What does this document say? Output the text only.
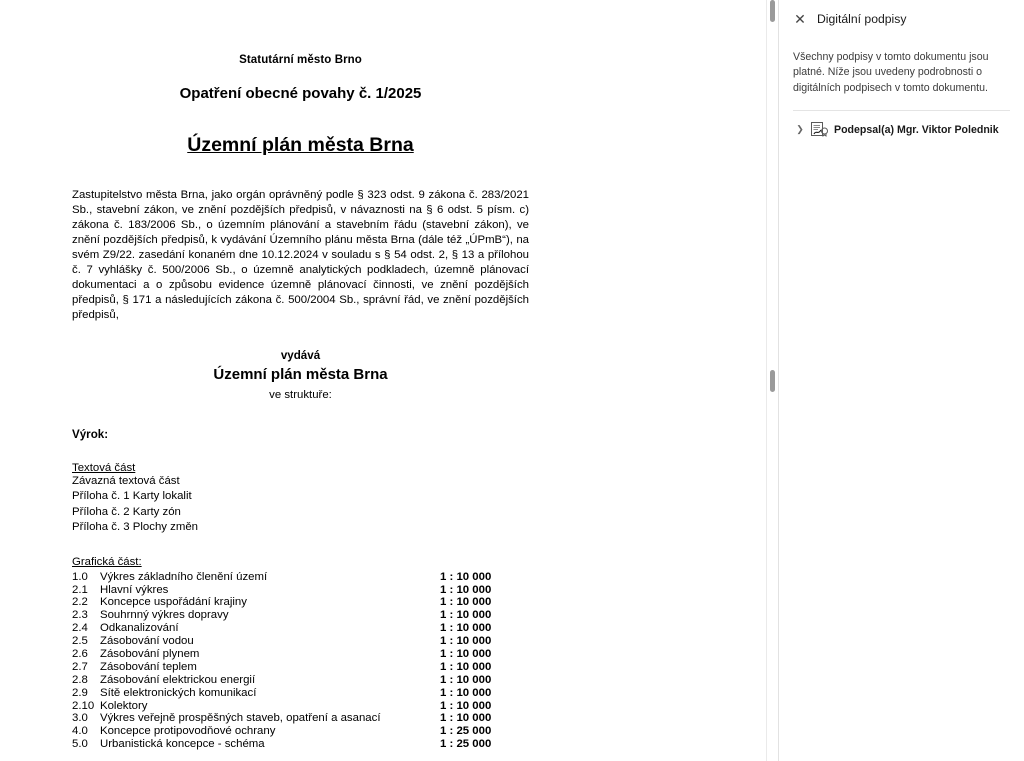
Statutární město Brno
Opatření obecné povahy č. 1/2025
Územní plán města Brna
Zastupitelstvo města Brna, jako orgán oprávněný podle § 323 odst. 9 zákona č. 283/2021 Sb., stavební zákon, ve znění pozdějších předpisů, v návaznosti na § 6 odst. 5 písm. c) zákona č. 183/2006 Sb., o územním plánování a stavebním řádu (stavební zákon), ve znění pozdějších předpisů, k vydávání Územního plánu města Brna (dále též „ÚPmB“), na svém Z9/22. zasedání konaném dne 10.12.2024 v souladu s § 54 odst. 2, § 13 a přílohou č. 7 vyhlášky č. 500/2006 Sb., o územně analytických podkladech, územně plánovací dokumentaci a o způsobu evidence územně plánovací činnosti, ve znění pozdějších předpisů, § 171 a následujících zákona č. 500/2004 Sb., správní řád, ve znění pozdějších předpisů,
vydává
Územní plán města Brna
ve struktuře:
Výrok:
Textová část
Závazná textová část
Příloha č. 1 Karty lokalit
Příloha č. 2 Karty zón
Příloha č. 3 Plochy změn
Grafická část:
1.0	Výkres základního členění území	1 : 10 000
2.1	Hlavní výkres	1 : 10 000
2.2	Koncepce uspořádání krajiny	1 : 10 000
2.3	Souhrnný výkres dopravy	1 : 10 000
2.4	Odkanalizování	1 : 10 000
2.5	Zásobování vodou	1 : 10 000
2.6	Zásobování plynem	1 : 10 000
2.7	Zásobování teplem	1 : 10 000
2.8	Zásobování elektrickou energií	1 : 10 000
2.9	Sítě elektronických komunikací	1 : 10 000
2.10	Kolektory	1 : 10 000
3.0	Výkres veřejně prospěšných staveb, opatření a asanací	1 : 10 000
4.0	Koncepce protipovodňové ochrany	1 : 25 000
5.0	Urbanistická koncepce - schéma	1 : 25 000
✕ Digitální podpisy
Všechny podpisy v tomto dokumentu jsou platné. Níže jsou uvedeny podrobnosti o digitálních podpisech v tomto dokumentu.
❯	Podepsal(a) Mgr. Viktor Polednik
